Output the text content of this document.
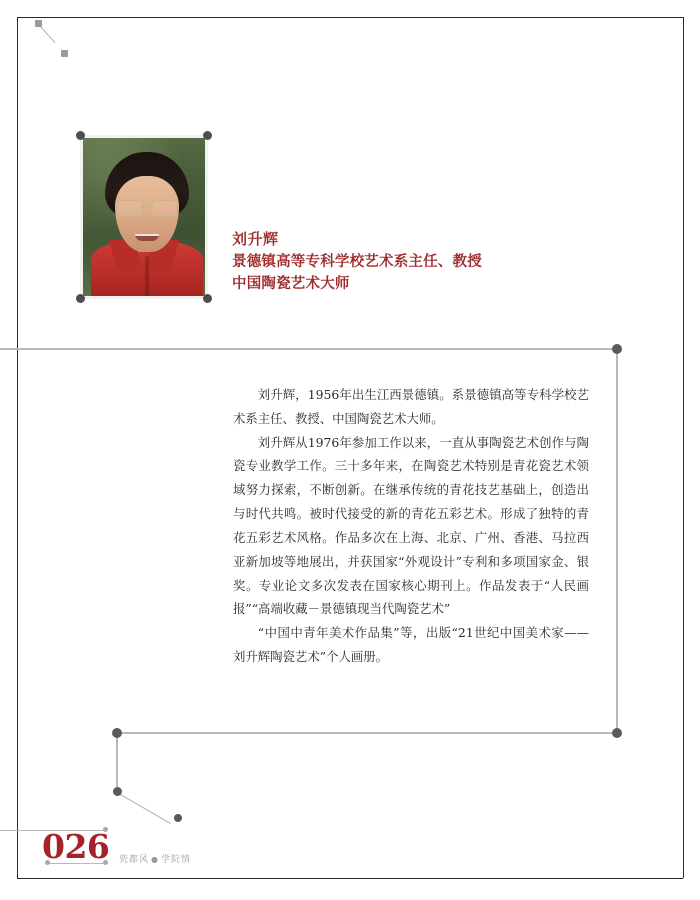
刘升辉
景德镇高等专科学校艺术系主任、教授
中国陶瓷艺术大师

刘升辉，1956年出生江西景德镇。系景德镇高等专科学校艺术系主任、教授、中国陶瓷艺术大师。

刘升辉从1976年参加工作以来，一直从事陶瓷艺术创作与陶瓷专业教学工作。三十多年来，在陶瓷艺术特别是青花瓷艺术领域努力探索，不断创新。在继承传统的青花技艺基础上，创造出与时代共鸣。被时代接受的新的青花五彩艺术。形成了独特的青花五彩艺术风格。作品多次在上海、北京、广州、香港、马拉西亚新加坡等地展出，并获国家“外观设计”专利和多项国家金、银奖。专业论文多次发表在国家核心期刊上。作品发表于“人民画报”“高端收藏－景德镇现当代陶瓷艺术”

“中国中青年美术作品集”等，出版“21世纪中国美术家——刘升辉陶瓷艺术”个人画册。

026 瓷都风 ● 学院情
